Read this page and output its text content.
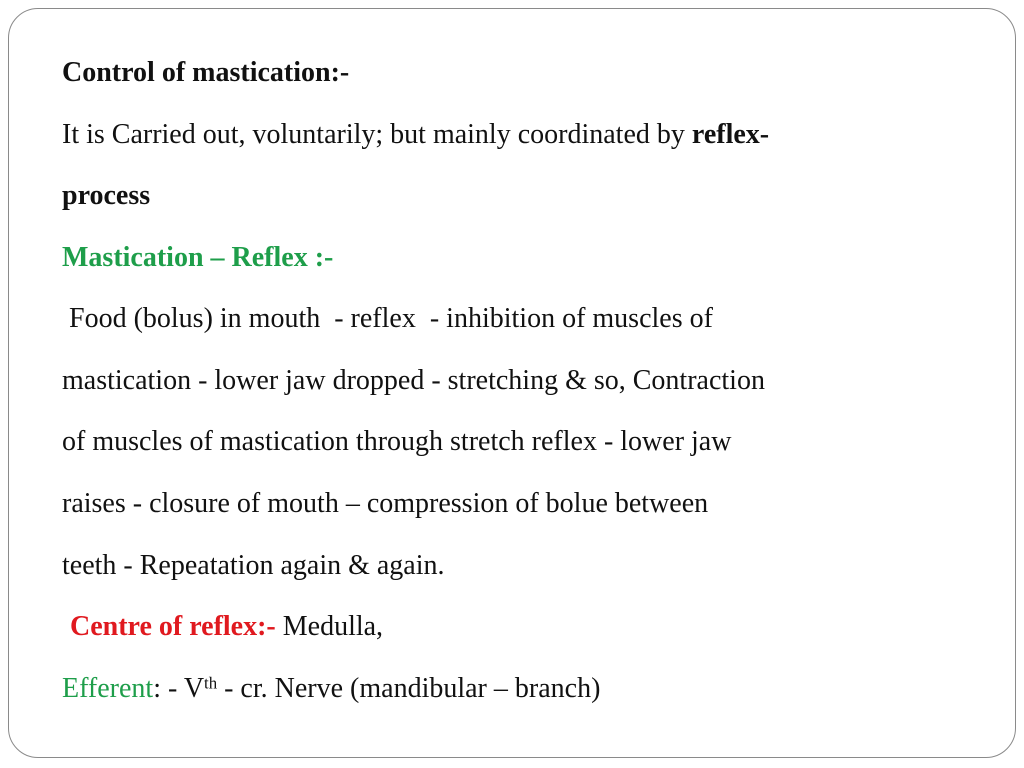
Control of mastication:-
It is Carried out, voluntarily; but mainly coordinated by reflex-
process
Mastication – Reflex :-
Food (bolus) in mouth  - reflex  - inhibition of muscles of
mastication - lower jaw dropped - stretching & so, Contraction
of muscles of mastication through stretch reflex - lower jaw
raises - closure of mouth – compression of bolue between
teeth - Repeatation again & again.
Centre of reflex:- Medulla,
Efferent: - Vth - cr. Nerve (mandibular – branch)
